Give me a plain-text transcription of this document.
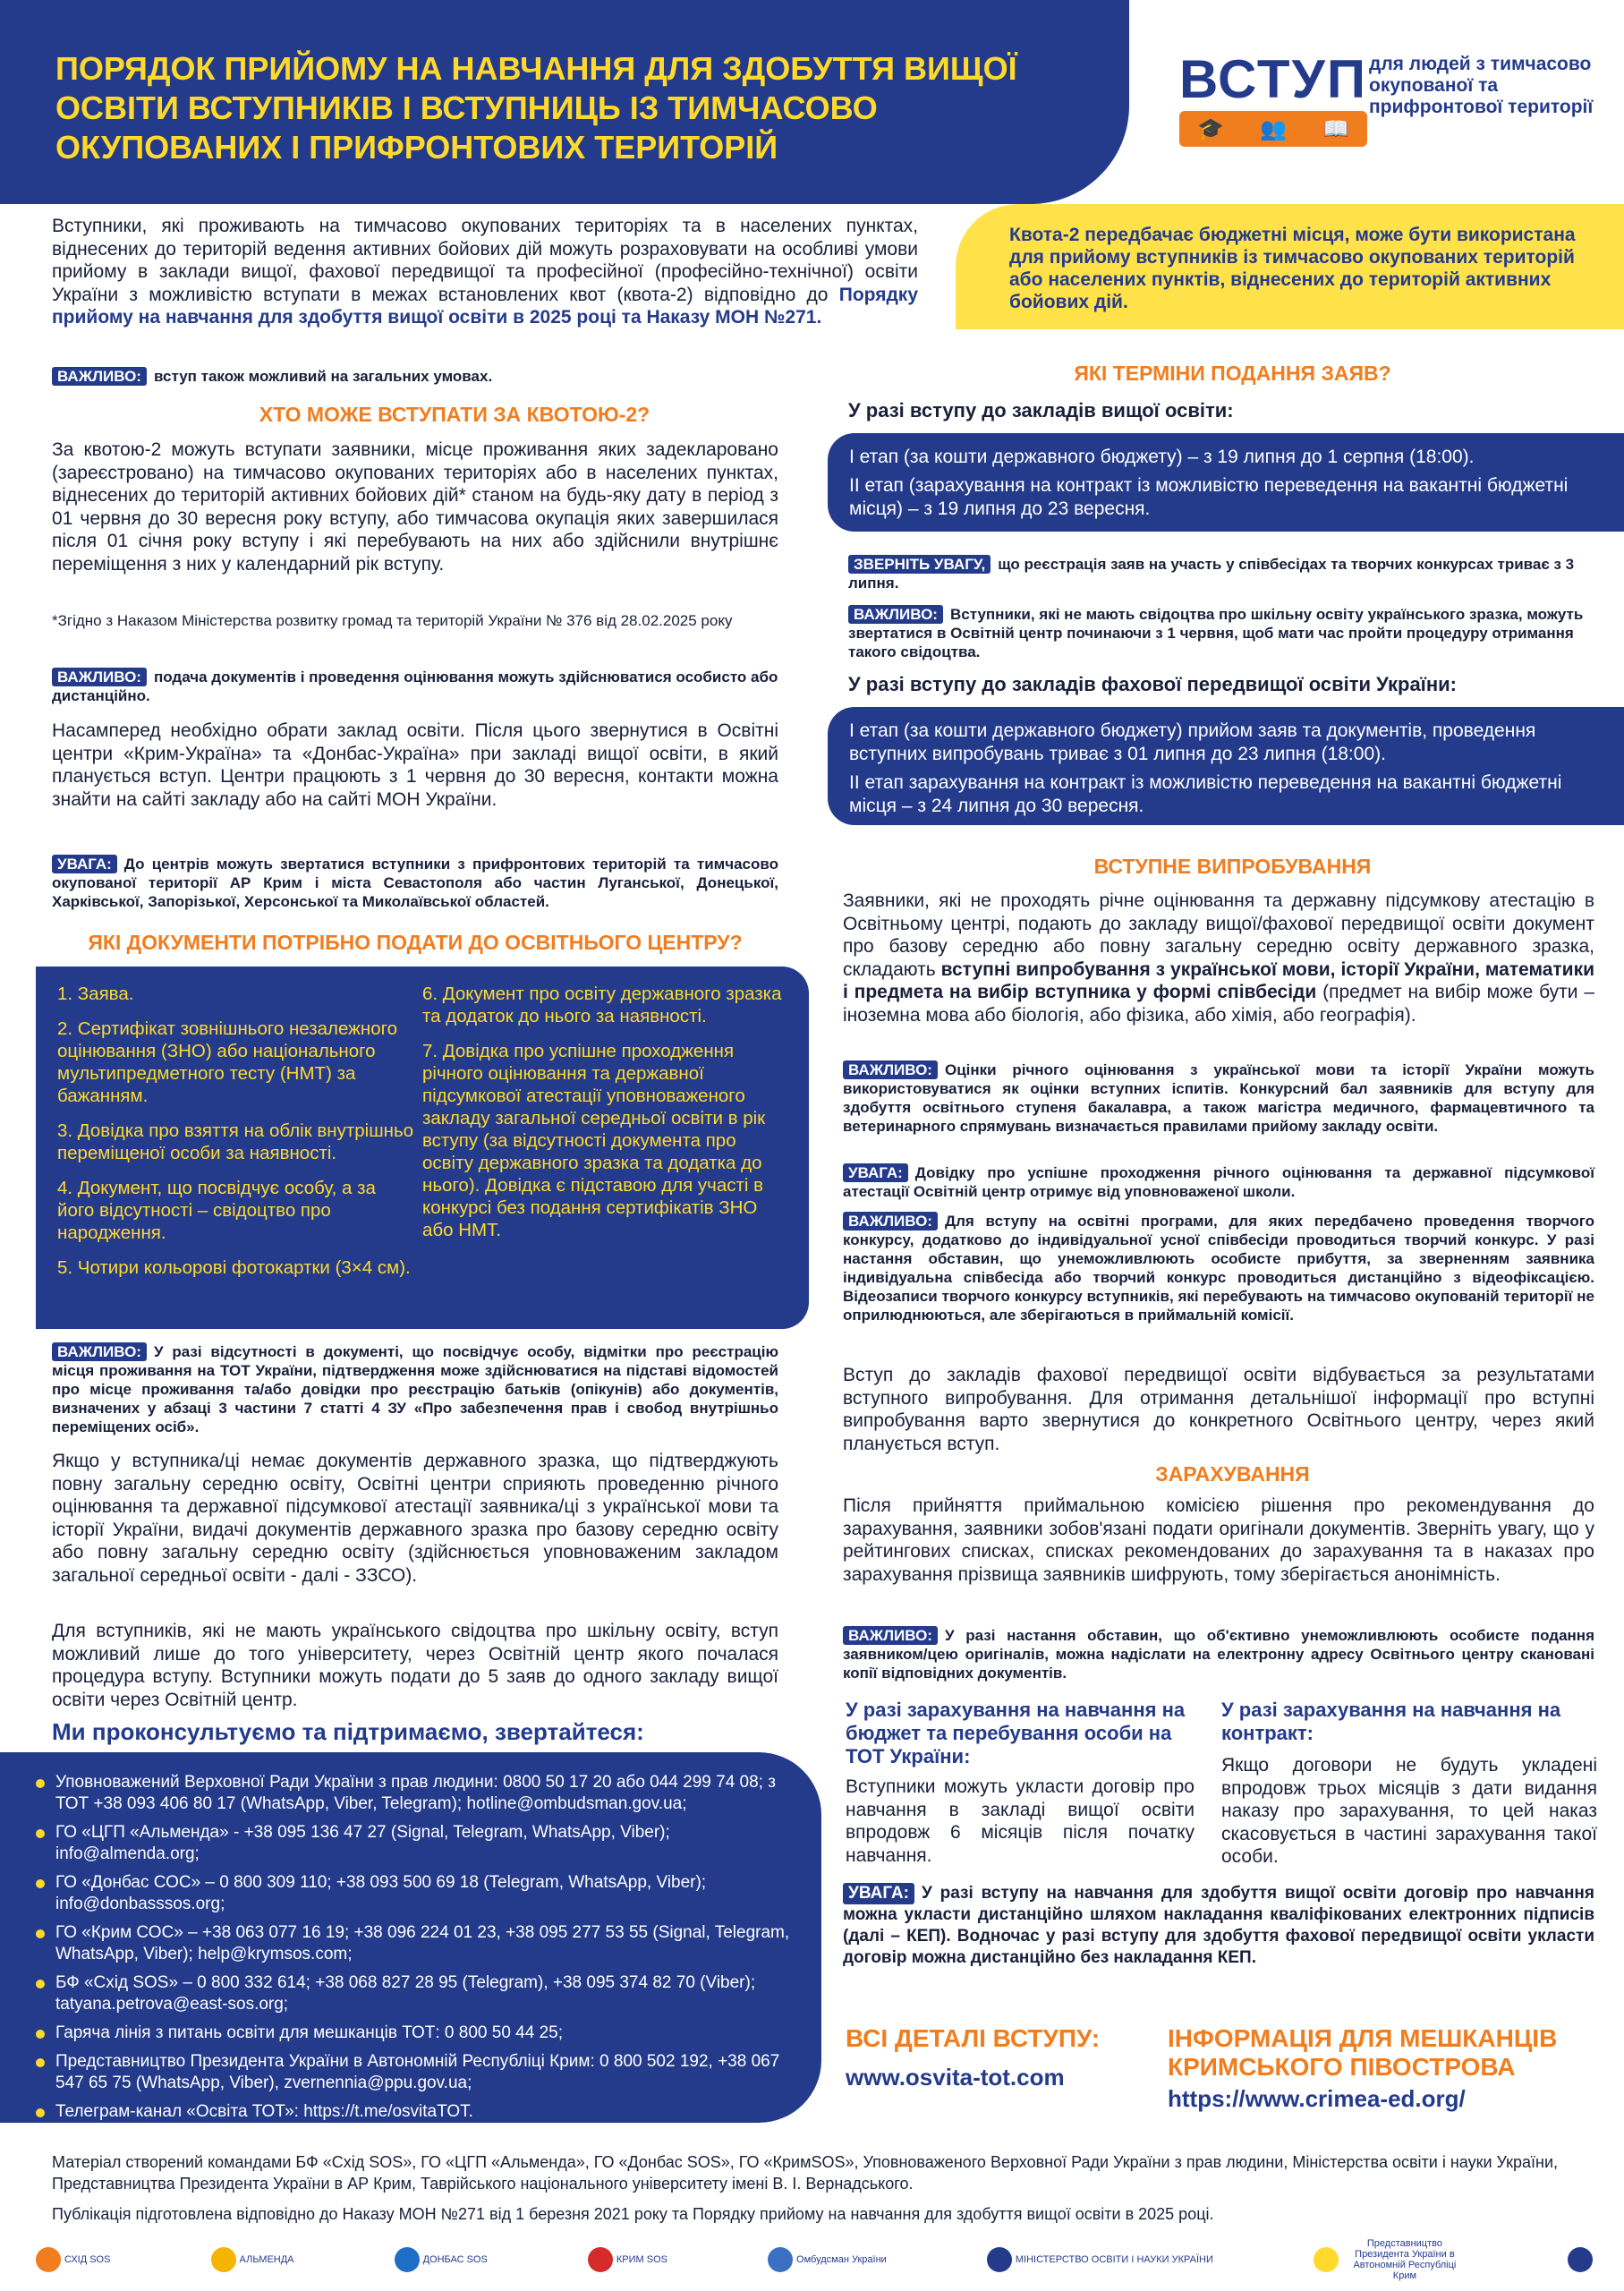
ПОРЯДОК ПРИЙОМУ НА НАВЧАННЯ ДЛЯ ЗДОБУТТЯ ВИЩОЇ ОСВІТИ ВСТУПНИКІВ І ВСТУПНИЦЬ ІЗ ТИМЧАСОВО ОКУПОВАНИХ І ПРИФРОНТОВИХ ТЕРИТОРІЙ
ВСТУП
🎓 👥 📖
для людей з тимчасово окупованої та прифронтової території
Вступники, які проживають на тимчасово окупованих територіях та в населених пунктах, віднесених до територій ведення активних бойових дій можуть розраховувати на особливі умови прийому в заклади вищої, фахової передвищої та професійної (професійно-технічної) освіти України з можливістю вступати в межах встановлених квот (квота-2) відповідно до Порядку прийому на навчання для здобуття вищої освіти в 2025 році та Наказу МОН №271.
ВАЖЛИВО: вступ також можливий на загальних умовах.
ХТО МОЖЕ ВСТУПАТИ ЗА КВОТОЮ-2?
За квотою-2 можуть вступати заявники, місце проживання яких задекларовано (зареєстровано) на тимчасово окупованих територіях або в населених пунктах, віднесених до територій активних бойових дій* станом на будь-яку дату в період з 01 червня до 30 вересня року вступу, або тимчасова окупація яких завершилася після 01 січня року вступу і які перебувають на них або здійснили внутрішнє переміщення з них у календарний рік вступу.
*Згідно з Наказом Міністерства розвитку громад та територій України № 376 від 28.02.2025 року
ВАЖЛИВО: подача документів і проведення оцінювання можуть здійснюватися особисто або дистанційно.
Насамперед необхідно обрати заклад освіти. Після цього звернутися в Освітні центри «Крим-Україна» та «Донбас-Україна» при закладі вищої освіти, в який планується вступ. Центри працюють з 1 червня до 30 вересня, контакти можна знайти на сайті закладу або на сайті МОН України.
УВАГА: До центрів можуть звертатися вступники з прифронтових територій та тимчасово окупованої території АР Крим і міста Севастополя або частин Луганської, Донецької, Харківської, Запорізької, Херсонської та Миколаївської областей.
ЯКІ ДОКУМЕНТИ ПОТРІБНО ПОДАТИ ДО ОСВІТНЬОГО ЦЕНТРУ?
1. Заява.
2. Сертифікат зовнішнього незалежного оцінювання (ЗНО) або національного мультипредметного тесту (НМТ) за бажанням.
3. Довідка про взяття на облік внутрішньо переміщеної особи за наявності.
4. Документ, що посвідчує особу, а за його відсутності – свідоцтво про народження.
5. Чотири кольорові фотокартки (3×4 см).
6. Документ про освіту державного зразка та додаток до нього за наявності.
7. Довідка про успішне проходження річного оцінювання та державної підсумкової атестації уповноваженого закладу загальної середньої освіти в рік вступу (за відсутності документа про освіту державного зразка та додатка до нього). Довідка є підставою для участі в конкурсі без подання сертифікатів ЗНО або НМТ.
ВАЖЛИВО: У разі відсутності в документі, що посвідчує особу, відмітки про реєстрацію місця проживання на ТОТ України, підтвердження може здійснюватися на підставі відомостей про місце проживання та/або довідки про реєстрацію батьків (опікунів) або документів, визначених у абзаці 3 частини 7 статті 4 ЗУ «Про забезпечення прав і свобод внутрішньо переміщених осіб».
Якщо у вступника/ці немає документів державного зразка, що підтверджують повну загальну середню освіту, Освітні центри сприяють проведенню річного оцінювання та державної підсумкової атестації заявника/ці з української мови та історії України, видачі документів державного зразка про базову середню освіту або повну загальну середню освіту (здійснюється уповноваженим закладом загальної середньої освіти - далі - ЗЗСО).
Для вступників, які не мають українського свідоцтва про шкільну освіту, вступ можливий лише до того університету, через Освітній центр якого почалася процедура вступу. Вступники можуть подати до 5 заяв до одного закладу вищої освіти через Освітній центр.
Ми проконсультуємо та підтримаємо, звертайтеся:
Уповноважений Верховної Ради України з прав людини: 0800 50 17 20 або 044 299 74 08; з ТОТ +38 093 406 80 17 (WhatsApp, Viber, Telegram); hotline@ombudsman.gov.ua;
ГО «ЦГП «Альменда» - +38 095 136 47 27 (Signal, Telegram, WhatsApp, Viber); info@almenda.org;
ГО «Донбас СОС» – 0 800 309 110; +38 093 500 69 18 (Telegram, WhatsApp, Viber); info@donbasssos.org;
ГО «Крим СОС» – +38 063 077 16 19; +38 096 224 01 23, +38 095 277 53 55 (Signal, Telegram, WhatsApp, Viber); help@krymsos.com;
БФ «Схід SOS» – 0 800 332 614; +38 068 827 28 95 (Telegram), +38 095 374 82 70 (Viber); tatyana.petrova@east-sos.org;
Гаряча лінія з питань освіти для мешканців ТОТ: 0 800 50 44 25;
Представництво Президента України в Автономній Республіці Крим: 0 800 502 192, +38 067 547 65 75 (WhatsApp, Viber), zvernennia@ppu.gov.ua;
Телеграм-канал «Освіта ТОТ»: https://t.me/osvitaTOT.
Квота-2 передбачає бюджетні місця, може бути використана для прийому вступників із тимчасово окупованих територій або населених пунктів, віднесених до територій активних бойових дій.
ЯКІ ТЕРМІНИ ПОДАННЯ ЗАЯВ?
У разі вступу до закладів вищої освіти:
І етап (за кошти державного бюджету) – з 19 липня до 1 серпня (18:00).
ІІ етап (зарахування на контракт із можливістю переведення на вакантні бюджетні місця) – з 19 липня до 23 вересня.
ЗВЕРНІТЬ УВАГУ, що реєстрація заяв на участь у співбесідах та творчих конкурсах триває з 3 липня.
ВАЖЛИВО: Вступники, які не мають свідоцтва про шкільну освіту українського зразка, можуть звертатися в Освітній центр починаючи з 1 червня, щоб мати час пройти процедуру отримання такого свідоцтва.
У разі вступу до закладів фахової передвищої освіти України:
І етап (за кошти державного бюджету) прийом заяв та документів, проведення вступних випробувань триває з 01 липня до 23 липня (18:00).
ІІ етап зарахування на контракт із можливістю переведення на вакантні бюджетні місця – з 24 липня до 30 вересня.
ВСТУПНЕ ВИПРОБУВАННЯ
Заявники, які не проходять річне оцінювання та державну підсумкову атестацію в Освітньому центрі, подають до закладу вищої/фахової передвищої освіти документ про базову середню або повну загальну середню освіту державного зразка, складають вступні випробування з української мови, історії України, математики і предмета на вибір вступника у формі співбесіди (предмет на вибір може бути – іноземна мова або біологія, або фізика, або хімія, або географія).
ВАЖЛИВО: Оцінки річного оцінювання з української мови та історії України можуть використовуватися як оцінки вступних іспитів. Конкурсний бал заявників для вступу для здобуття освітнього ступеня бакалавра, а також магістра медичного, фармацевтичного та ветеринарного спрямувань визначається правилами прийому закладу освіти.
УВАГА: Довідку про успішне проходження річного оцінювання та державної підсумкової атестації Освітній центр отримує від уповноваженої школи.
ВАЖЛИВО: Для вступу на освітні програми, для яких передбачено проведення творчого конкурсу, додатково до індивідуальної усної співбесіди проводиться творчий конкурс. У разі настання обставин, що унеможливлюють особисте прибуття, за зверненням заявника індивідуальна співбесіда або творчий конкурс проводиться дистанційно з відеофіксацією. Відеозаписи творчого конкурсу вступників, які перебувають на тимчасово окупованій території не оприлюднюються, але зберігаються в приймальній комісії.
Вступ до закладів фахової передвищої освіти відбувається за результатами вступного випробування. Для отримання детальнішої інформації про вступні випробування варто звернутися до конкретного Освітнього центру, через який планується вступ.
ЗАРАХУВАННЯ
Після прийняття приймальною комісією рішення про рекомендування до зарахування, заявники зобов'язані подати оригінали документів. Зверніть увагу, що у рейтингових списках, списках рекомендованих до зарахування та в наказах про зарахування прізвища заявників шифрують, тому зберігається анонімність.
ВАЖЛИВО: У разі настання обставин, що об'єктивно унеможливлюють особисте подання заявником/цею оригіналів, можна надіслати на електронну адресу Освітнього центру скановані копії відповідних документів.
У разі зарахування на навчання на бюджет та перебування особи на ТОТ України:
Вступники можуть укласти договір про навчання в закладі вищої освіти впродовж 6 місяців після початку навчання.
У разі зарахування на навчання на контракт:
Якщо договори не будуть укладені впродовж трьох місяців з дати видання наказу про зарахування, то цей наказ скасовується в частині зарахування такої особи.
УВАГА: У разі вступу на навчання для здобуття вищої освіти договір про навчання можна укласти дистанційно шляхом накладання кваліфікованих електронних підписів (далі – КЕП). Водночас у разі вступу для здобуття фахової передвищої освіти укласти договір можна дистанційно без накладання КЕП.
ВСІ ДЕТАЛІ ВСТУПУ:
www.osvita-tot.com
ІНФОРМАЦІЯ ДЛЯ МЕШКАНЦІВ КРИМСЬКОГО ПІВОСТРОВА
https://www.crimea-ed.org/
Матеріал створений командами БФ «Схід SOS», ГО «ЦГП «Альменда», ГО «Донбас SOS», ГО «КримSOS», Уповноваженого Верховної Ради України з прав людини, Міністерства освіти і науки України, Представництва Президента України в АР Крим, Таврійського національного університету імені В. І. Вернадського.
Публікація підготовлена відповідно до Наказу МОН №271 від 1 березня 2021 року та Порядку прийому на навчання для здобуття вищої освіти в 2025 році.
СХІД SOS	АЛЬМЕНДА	ДОНБАС SOS	КРИМ SOS	Омбудсман України	МІНІСТЕРСТВО ОСВІТИ І НАУКИ УКРАЇНИ
Представництво Президента України в Автономній Республіці Крим
